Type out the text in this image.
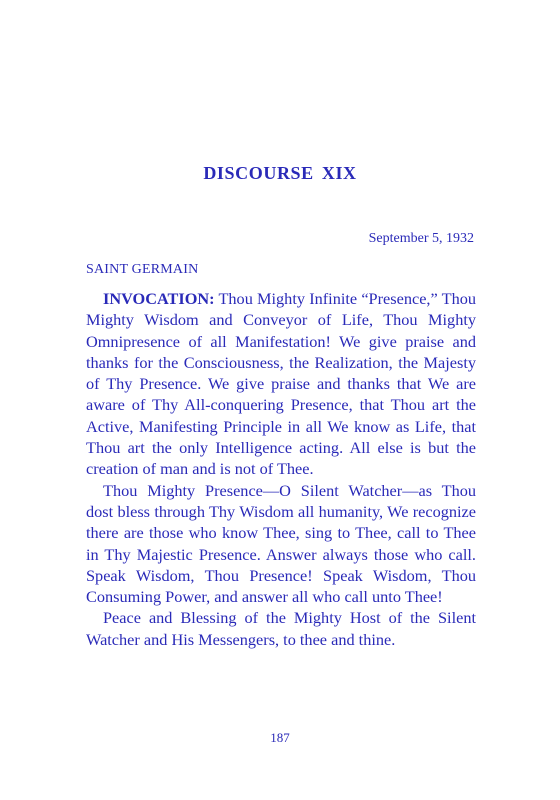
DISCOURSE XIX
September 5, 1932
SAINT GERMAIN

INVOCATION: Thou Mighty Infinite “Presence,” Thou Mighty Wisdom and Conveyor of Life, Thou Mighty Omnipresence of all Manifestation! We give praise and thanks for the Consciousness, the Realization, the Majesty of Thy Presence. We give praise and thanks that We are aware of Thy All-conquering Presence, that Thou art the Active, Manifesting Principle in all We know as Life, that Thou art the only Intelligence acting. All else is but the creation of man and is not of Thee.

Thou Mighty Presence—O Silent Watcher—as Thou dost bless through Thy Wisdom all humanity, We recognize there are those who know Thee, sing to Thee, call to Thee in Thy Majestic Presence. Answer always those who call. Speak Wisdom, Thou Presence! Speak Wisdom, Thou Consuming Power, and answer all who call unto Thee!

Peace and Blessing of the Mighty Host of the Silent Watcher and His Messengers, to thee and thine.

187
